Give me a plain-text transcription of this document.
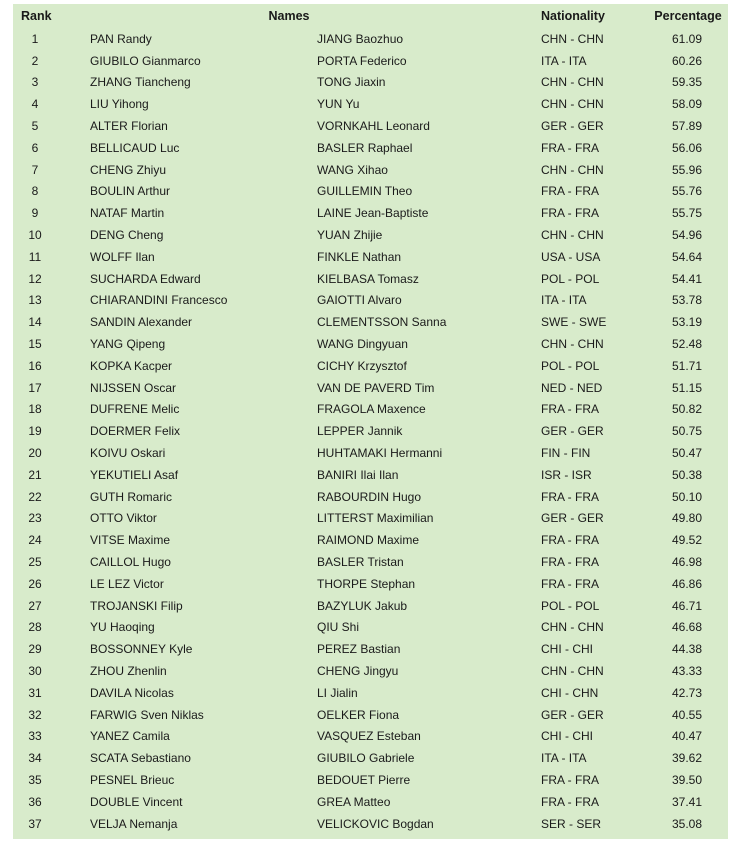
Rank	Names		Nationality	Percentage
1	PAN Randy	JIANG Baozhuo	CHN - CHN	61.09
2	GIUBILO Gianmarco	PORTA Federico	ITA - ITA	60.26
3	ZHANG Tiancheng	TONG Jiaxin	CHN - CHN	59.35
4	LIU Yihong	YUN Yu	CHN - CHN	58.09
5	ALTER Florian	VORNKAHL Leonard	GER - GER	57.89
6	BELLICAUD Luc	BASLER Raphael	FRA - FRA	56.06
7	CHENG Zhiyu	WANG Xihao	CHN - CHN	55.96
8	BOULIN Arthur	GUILLEMIN Theo	FRA - FRA	55.76
9	NATAF Martin	LAINE Jean-Baptiste	FRA - FRA	55.75
10	DENG Cheng	YUAN Zhijie	CHN - CHN	54.96
11	WOLFF Ilan	FINKLE Nathan	USA - USA	54.64
12	SUCHARDA Edward	KIELBASA Tomasz	POL - POL	54.41
13	CHIARANDINI Francesco	GAIOTTI Alvaro	ITA - ITA	53.78
14	SANDIN Alexander	CLEMENTSSON Sanna	SWE - SWE	53.19
15	YANG Qipeng	WANG Dingyuan	CHN - CHN	52.48
16	KOPKA Kacper	CICHY Krzysztof	POL - POL	51.71
17	NIJSSEN Oscar	VAN DE PAVERD Tim	NED - NED	51.15
18	DUFRENE Melic	FRAGOLA Maxence	FRA - FRA	50.82
19	DOERMER Felix	LEPPER Jannik	GER - GER	50.75
20	KOIVU Oskari	HUHTAMAKI Hermanni	FIN - FIN	50.47
21	YEKUTIELI Asaf	BANIRI Ilai Ilan	ISR - ISR	50.38
22	GUTH Romaric	RABOURDIN Hugo	FRA - FRA	50.10
23	OTTO Viktor	LITTERST Maximilian	GER - GER	49.80
24	VITSE Maxime	RAIMOND Maxime	FRA - FRA	49.52
25	CAILLOL Hugo	BASLER Tristan	FRA - FRA	46.98
26	LE LEZ Victor	THORPE Stephan	FRA - FRA	46.86
27	TROJANSKI Filip	BAZYLUK Jakub	POL - POL	46.71
28	YU Haoqing	QIU Shi	CHN - CHN	46.68
29	BOSSONNEY Kyle	PEREZ Bastian	CHI - CHI	44.38
30	ZHOU Zhenlin	CHENG Jingyu	CHN - CHN	43.33
31	DAVILA Nicolas	LI Jialin	CHI - CHN	42.73
32	FARWIG Sven Niklas	OELKER Fiona	GER - GER	40.55
33	YANEZ Camila	VASQUEZ Esteban	CHI - CHI	40.47
34	SCATA Sebastiano	GIUBILO Gabriele	ITA - ITA	39.62
35	PESNEL Brieuc	BEDOUET Pierre	FRA - FRA	39.50
36	DOUBLE Vincent	GREA Matteo	FRA - FRA	37.41
37	VELJA Nemanja	VELICKOVIC Bogdan	SER - SER	35.08
